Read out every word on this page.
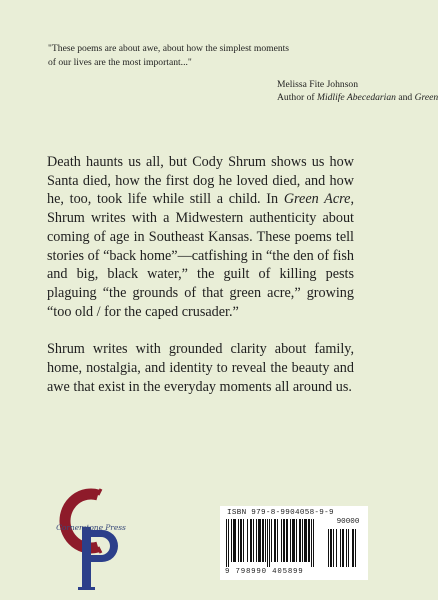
"These poems are about awe, about how the simplest moments
of our lives are the most important..."

Melissa Fite Johnson
Author of Midlife Abecedarian and Green

Death haunts us all, but Cody Shrum shows us how Santa died, how the first dog he loved died, and how he, too, took life while still a child. In Green Acre, Shrum writes with a Midwestern authenticity about coming of age in Southeast Kansas. These poems tell stories of “back home”—catfishing in “the den of fish and big, black water,” the guilt of killing pests plaguing “the grounds of that green acre,” growing “too old / for the caped crusader.”

Shrum writes with grounded clarity about family, home, nostalgia, and identity to reveal the beauty and awe that exist in the everyday moments all around us.

Cornerstone Press
ISBN 979-8-9904058-9-9
90000
9 798990 405899
